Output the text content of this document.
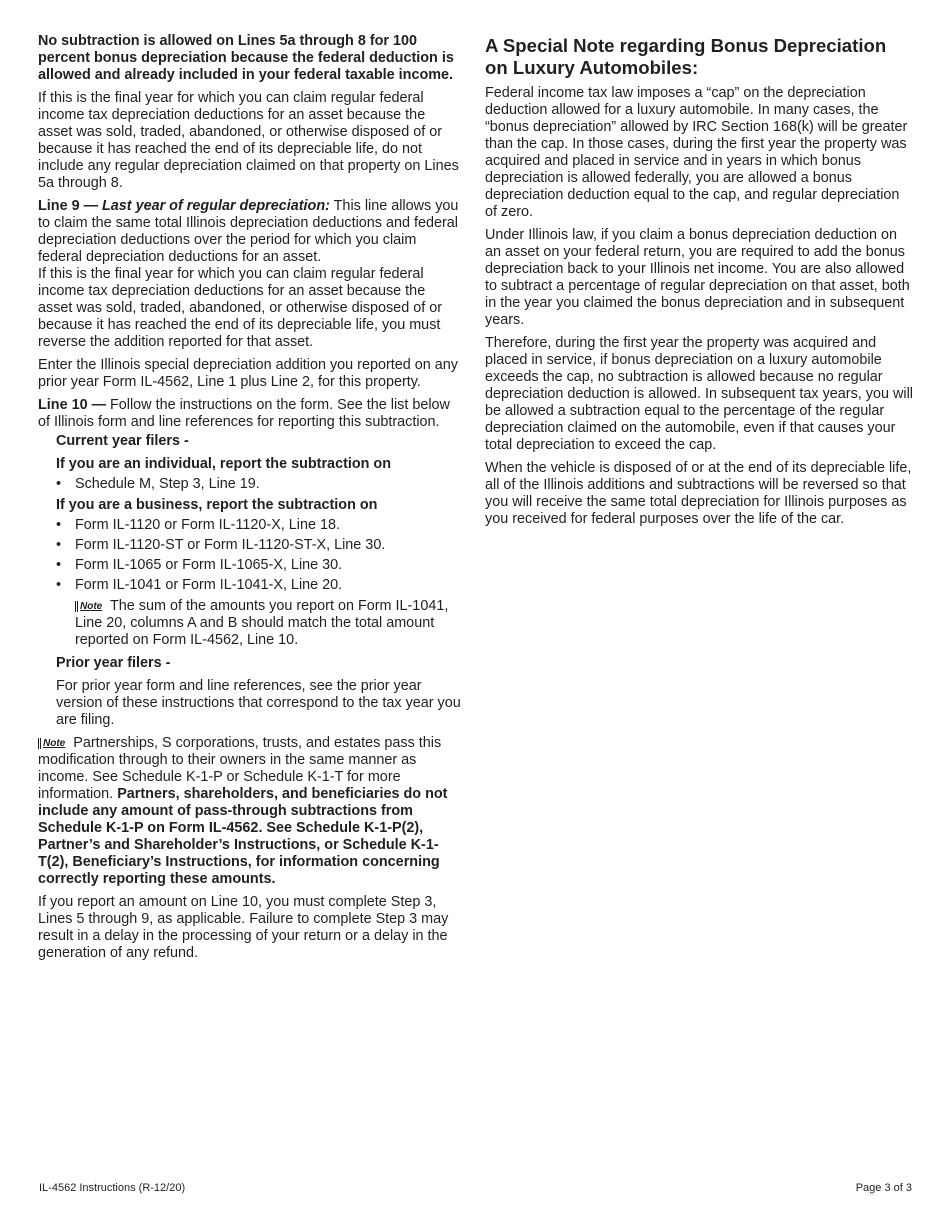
No subtraction is allowed on Lines 5a through 8 for 100 percent bonus depreciation because the federal deduction is allowed and already included in your federal taxable income.

If this is the final year for which you can claim regular federal income tax depreciation deductions for an asset because the asset was sold, traded, abandoned, or otherwise disposed of or because it has reached the end of its depreciable life, do not include any regular depreciation claimed on that property on Lines 5a through 8.

Line 9 — Last year of regular depreciation: This line allows you to claim the same total Illinois depreciation deductions and federal depreciation deductions over the period for which you claim federal depreciation deductions for an asset.

If this is the final year for which you can claim regular federal income tax depreciation deductions for an asset because the asset was sold, traded, abandoned, or otherwise disposed of or because it has reached the end of its depreciable life, you must reverse the addition reported for that asset.

Enter the Illinois special depreciation addition you reported on any prior year Form IL-4562, Line 1 plus Line 2, for this property.

Line 10 — Follow the instructions on the form. See the list below of Illinois form and line references for reporting this subtraction.

Current year filers -

If you are an individual, report the subtraction on

• Schedule M, Step 3, Line 19.

If you are a business, report the subtraction on

• Form IL-1120 or Form IL-1120-X, Line 18.
• Form IL-1120-ST or Form IL-1120-ST-X, Line 30.
• Form IL-1065 or Form IL-1065-X, Line 30.
• Form IL-1041 or Form IL-1041-X, Line 20.

Note The sum of the amounts you report on Form IL-1041, Line 20, columns A and B should match the total amount reported on Form IL-4562, Line 10.

Prior year filers -

For prior year form and line references, see the prior year version of these instructions that correspond to the tax year you are filing.

Note Partnerships, S corporations, trusts, and estates pass this modification through to their owners in the same manner as income. See Schedule K-1-P or Schedule K-1-T for more information. Partners, shareholders, and beneficiaries do not include any amount of pass-through subtractions from Schedule K-1-P on Form IL-4562. See Schedule K-1-P(2), Partner’s and Shareholder’s Instructions, or Schedule K-1-T(2), Beneficiary’s Instructions, for information concerning correctly reporting these amounts.

If you report an amount on Line 10, you must complete Step 3, Lines 5 through 9, as applicable. Failure to complete Step 3 may result in a delay in the processing of your return or a delay in the generation of any refund.

A Special Note regarding Bonus Depreciation on Luxury Automobiles:

Federal income tax law imposes a “cap” on the depreciation deduction allowed for a luxury automobile. In many cases, the “bonus depreciation” allowed by IRC Section 168(k) will be greater than the cap. In those cases, during the first year the property was acquired and placed in service and in years in which bonus depreciation is allowed federally, you are allowed a bonus depreciation deduction equal to the cap, and regular depreciation of zero.

Under Illinois law, if you claim a bonus depreciation deduction on an asset on your federal return, you are required to add the bonus depreciation back to your Illinois net income. You are also allowed to subtract a percentage of regular depreciation on that asset, both in the year you claimed the bonus depreciation and in subsequent years.

Therefore, during the first year the property was acquired and placed in service, if bonus depreciation on a luxury automobile exceeds the cap, no subtraction is allowed because no regular depreciation deduction is allowed. In subsequent tax years, you will be allowed a subtraction equal to the percentage of the regular depreciation claimed on the automobile, even if that causes your total depreciation to exceed the cap.

When the vehicle is disposed of or at the end of its depreciable life, all of the Illinois additions and subtractions will be reversed so that you will receive the same total depreciation for Illinois purposes as you received for federal purposes over the life of the car.

IL-4562 Instructions (R-12/20)	Page 3 of 3
